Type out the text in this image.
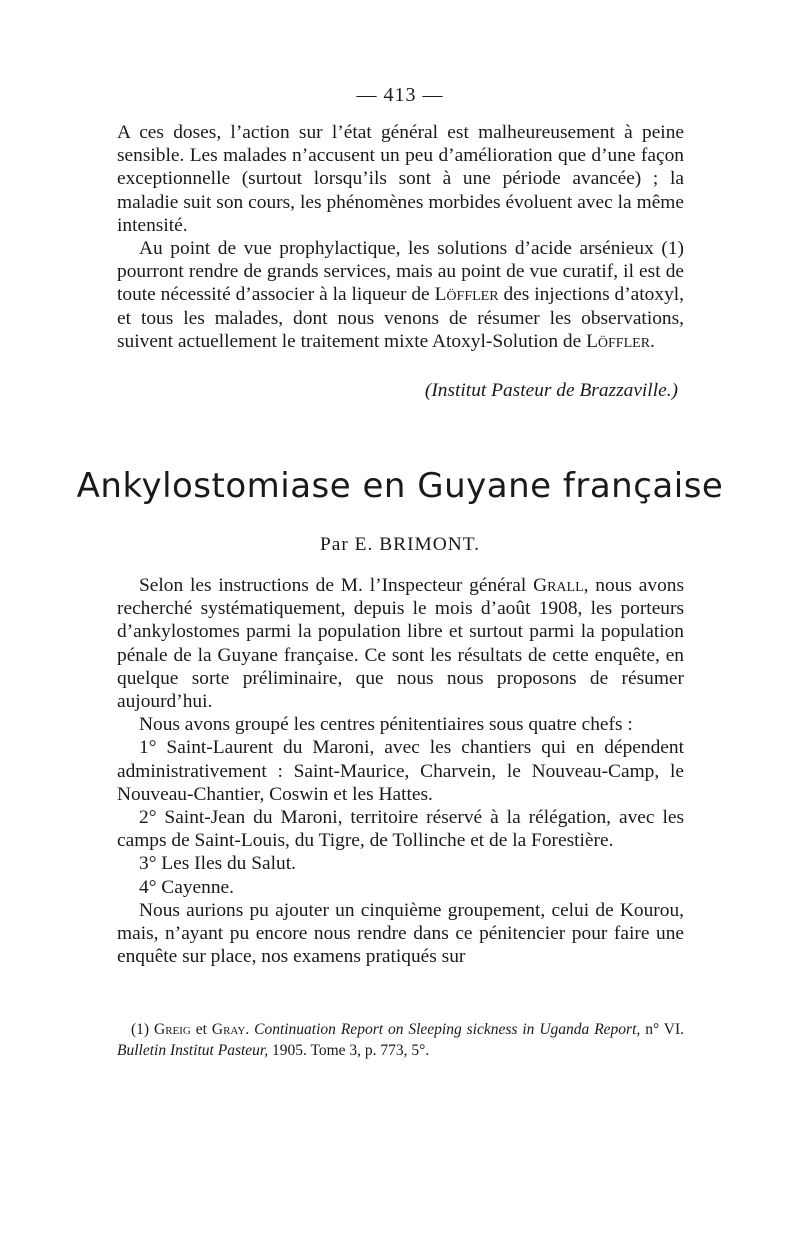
— 413 —

A ces doses, l’action sur l’état général est malheureusement à peine sensible. Les malades n’accusent un peu d’amélioration que d’une façon exceptionnelle (surtout lorsqu’ils sont à une période avancée) ; la maladie suit son cours, les phénomènes morbides évoluent avec la même intensité.

Au point de vue prophylactique, les solutions d’acide arsénieux (1) pourront rendre de grands services, mais au point de vue curatif, il est de toute nécessité d’associer à la liqueur de Löffler des injections d’atoxyl, et tous les malades, dont nous venons de résumer les observations, suivent actuellement le traitement mixte Atoxyl-Solution de Löffler.

(Institut Pasteur de Brazzaville.)
Ankylostomiase en Guyane française
Par E. BRIMONT.

Selon les instructions de M. l’Inspecteur général Grall, nous avons recherché systématiquement, depuis le mois d’août 1908, les porteurs d’ankylostomes parmi la population libre et surtout parmi la population pénale de la Guyane française. Ce sont les résultats de cette enquête, en quelque sorte préliminaire, que nous nous proposons de résumer aujourd’hui.

Nous avons groupé les centres pénitentiaires sous quatre chefs :

1° Saint-Laurent du Maroni, avec les chantiers qui en dépendent administrativement : Saint-Maurice, Charvein, le Nouveau-Camp, le Nouveau-Chantier, Coswin et les Hattes.

2° Saint-Jean du Maroni, territoire réservé à la rélégation, avec les camps de Saint-Louis, du Tigre, de Tollinche et de la Forestière.

3° Les Iles du Salut.

4° Cayenne.

Nous aurions pu ajouter un cinquième groupement, celui de Kourou, mais, n’ayant pu encore nous rendre dans ce pénitencier pour faire une enquête sur place, nos examens pratiqués sur

(1) Greig et Gray. Continuation Report on Sleeping sickness in Uganda Report, n° VI. Bulletin Institut Pasteur, 1905. Tome 3, p. 773, 5°.
